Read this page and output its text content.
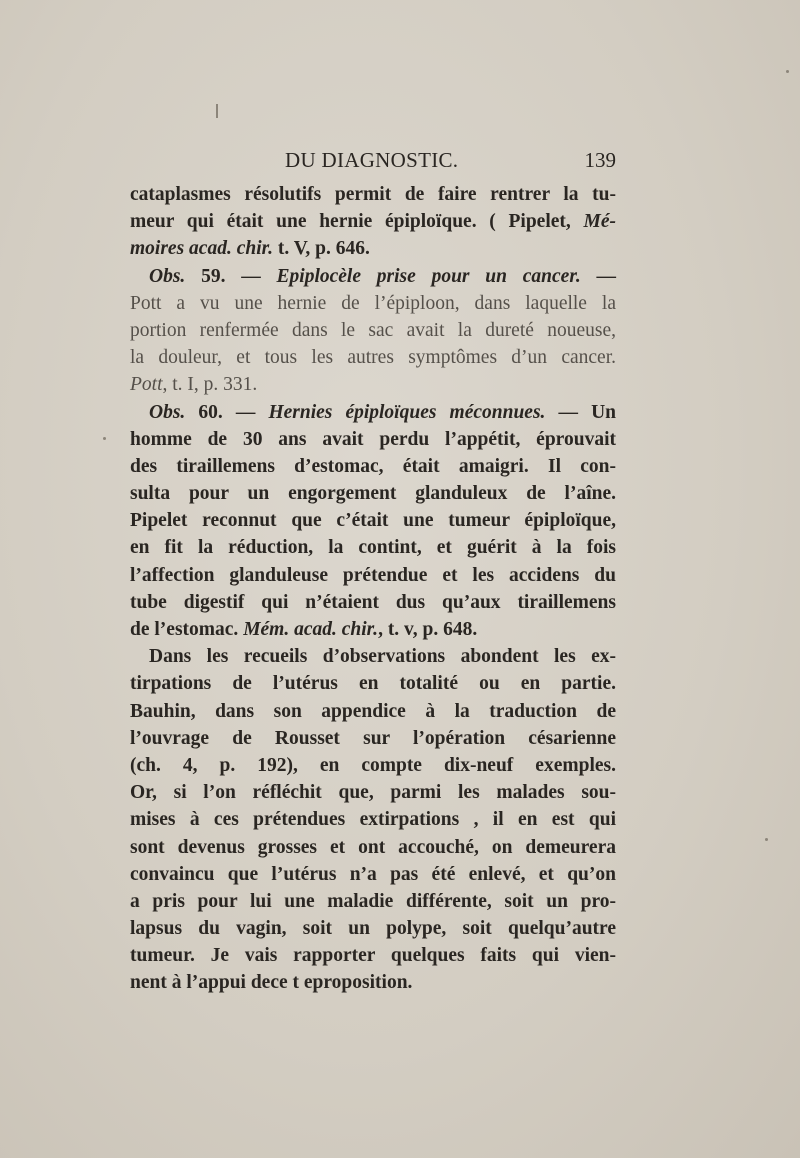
DU DIAGNOSTIC.	139
cataplasmes résolutifs permit de faire rentrer la tu-
meur qui était une hernie épiploïque. ( Pipelet, Mé-
moires acad. chir. t. V, p. 646.
Obs. 59. — Epiplocèle prise pour un cancer. —
Pott a vu une hernie de l’épiploon, dans laquelle la
portion renfermée dans le sac avait la dureté noueuse,
la douleur, et tous les autres symptômes d’un cancer.
Pott, t. I, p. 331.
Obs. 60. — Hernies épiploïques méconnues. — Un
homme de 30 ans avait perdu l’appétit, éprouvait
des tiraillemens d’estomac, était amaigri. Il con-
sulta pour un engorgement glanduleux de l’aîne.
Pipelet reconnut que c’était une tumeur épiploïque,
en fit la réduction, la contint, et guérit à la fois
l’affection glanduleuse prétendue et les accidens du
tube digestif qui n’étaient dus qu’aux tiraillemens
de l’estomac. Mém. acad. chir., t. v, p. 648.
Dans les recueils d’observations abondent les ex-
tirpations de l’utérus en totalité ou en partie.
Bauhin, dans son appendice à la traduction de
l’ouvrage de Rousset sur l’opération césarienne
(ch. 4, p. 192), en compte dix-neuf exemples.
Or, si l’on réfléchit que, parmi les malades sou-
mises à ces prétendues extirpations , il en est qui
sont devenus grosses et ont accouché, on demeurera
convaincu que l’utérus n’a pas été enlevé, et qu’on
a pris pour lui une maladie différente, soit un pro-
lapsus du vagin, soit un polype, soit quelqu’autre
tumeur. Je vais rapporter quelques faits qui vien-
nent à l’appui dece t eproposition.
